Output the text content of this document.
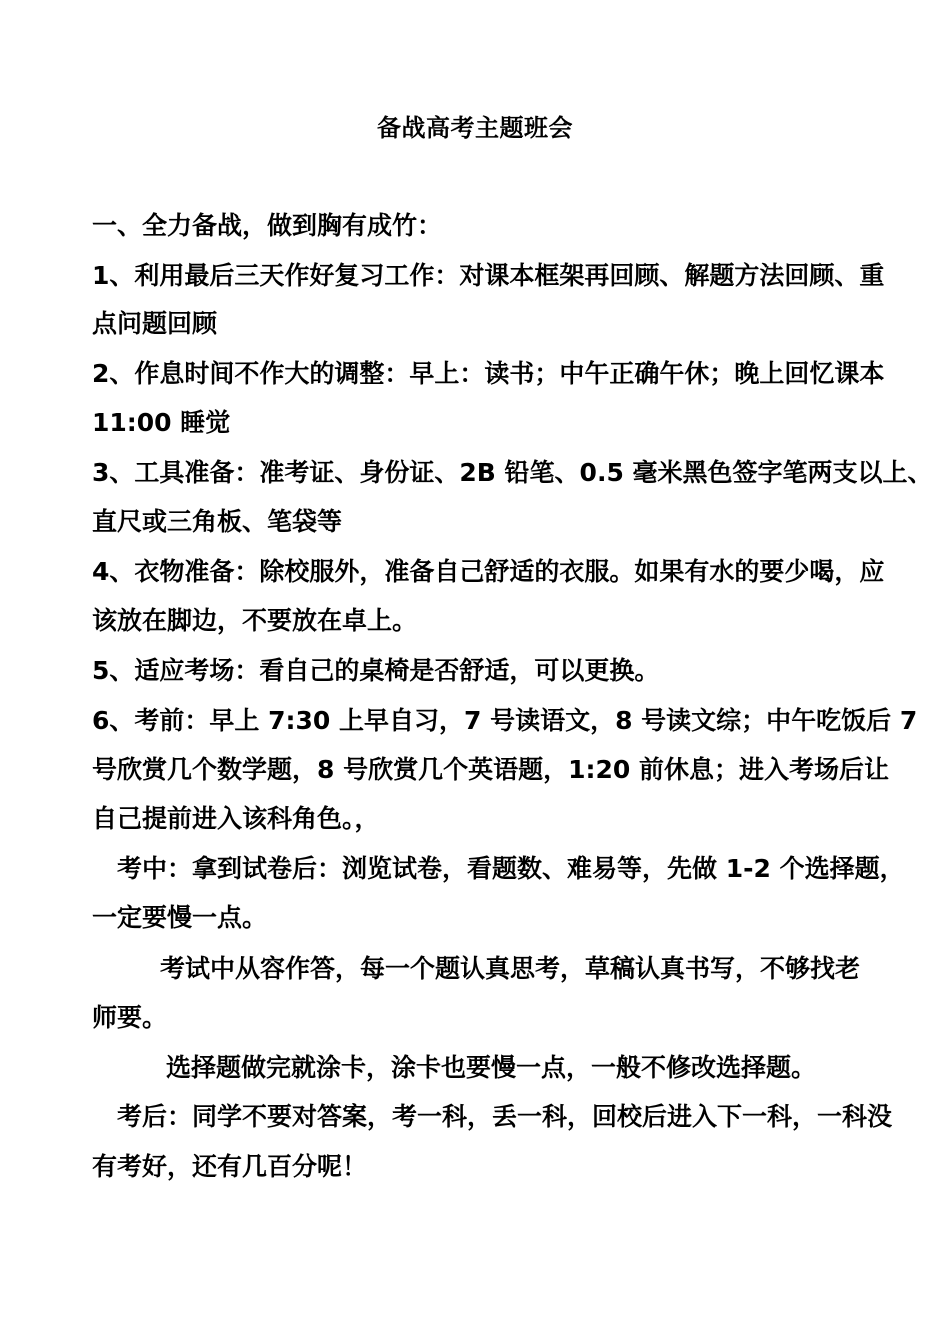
备战高考主题班会
一、全力备战，做到胸有成竹：
1、利用最后三天作好复习工作：对课本框架再回顾、解题方法回顾、重
点问题回顾
2、作息时间不作大的调整：早上：读书；中午正确午休；晚上回忆课本
11:00 睡觉
3、工具准备：准考证、身份证、2B 铅笔、0.5 毫米黑色签字笔两支以上、
直尺或三角板、笔袋等
4、衣物准备：除校服外，准备自己舒适的衣服。如果有水的要少喝，应
该放在脚边，不要放在卓上。
5、适应考场：看自己的桌椅是否舒适，可以更换。
6、考前：早上 7:30 上早自习，7 号读语文，8 号读文综；中午吃饭后 7
号欣赏几个数学题，8 号欣赏几个英语题，1:20 前休息；进入考场后让
自己提前进入该科角色。，
考中：拿到试卷后：浏览试卷，看题数、难易等，先做 1-2 个选择题，
一定要慢一点。
考试中从容作答，每一个题认真思考，草稿认真书写，不够找老
师要。
选择题做完就涂卡，涂卡也要慢一点，一般不修改选择题。
考后：同学不要对答案，考一科，丢一科，回校后进入下一科，一科没
有考好，还有几百分呢！
